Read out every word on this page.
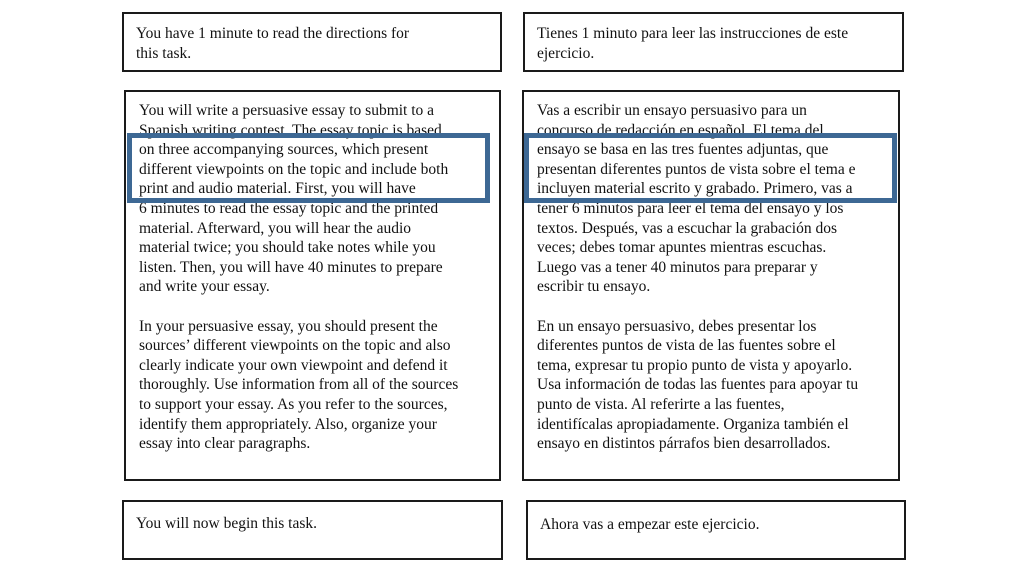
You have 1 minute to read the directions for
this task.

You will write a persuasive essay to submit to a
Spanish writing contest. The essay topic is based
on three accompanying sources, which present
different viewpoints on the topic and include both
print and audio material. First, you will have
6 minutes to read the essay topic and the printed
material. Afterward, you will hear the audio
material twice; you should take notes while you
listen. Then, you will have 40 minutes to prepare
and write your essay.

In your persuasive essay, you should present the
sources’ different viewpoints on the topic and also
clearly indicate your own viewpoint and defend it
thoroughly. Use information from all of the sources
to support your essay. As you refer to the sources,
identify them appropriately. Also, organize your
essay into clear paragraphs.

You will now begin this task.

Tienes 1 minuto para leer las instrucciones de este
ejercicio.

Vas a escribir un ensayo persuasivo para un
concurso de redacción en español. El tema del
ensayo se basa en las tres fuentes adjuntas, que
presentan diferentes puntos de vista sobre el tema e
incluyen material escrito y grabado. Primero, vas a
tener 6 minutos para leer el tema del ensayo y los
textos. Después, vas a escuchar la grabación dos
veces; debes tomar apuntes mientras escuchas.
Luego vas a tener 40 minutos para preparar y
escribir tu ensayo.

En un ensayo persuasivo, debes presentar los
diferentes puntos de vista de las fuentes sobre el
tema, expresar tu propio punto de vista y apoyarlo.
Usa información de todas las fuentes para apoyar tu
punto de vista. Al referirte a las fuentes,
identifícalas apropiadamente. Organiza también el
ensayo en distintos párrafos bien desarrollados.

Ahora vas a empezar este ejercicio.
